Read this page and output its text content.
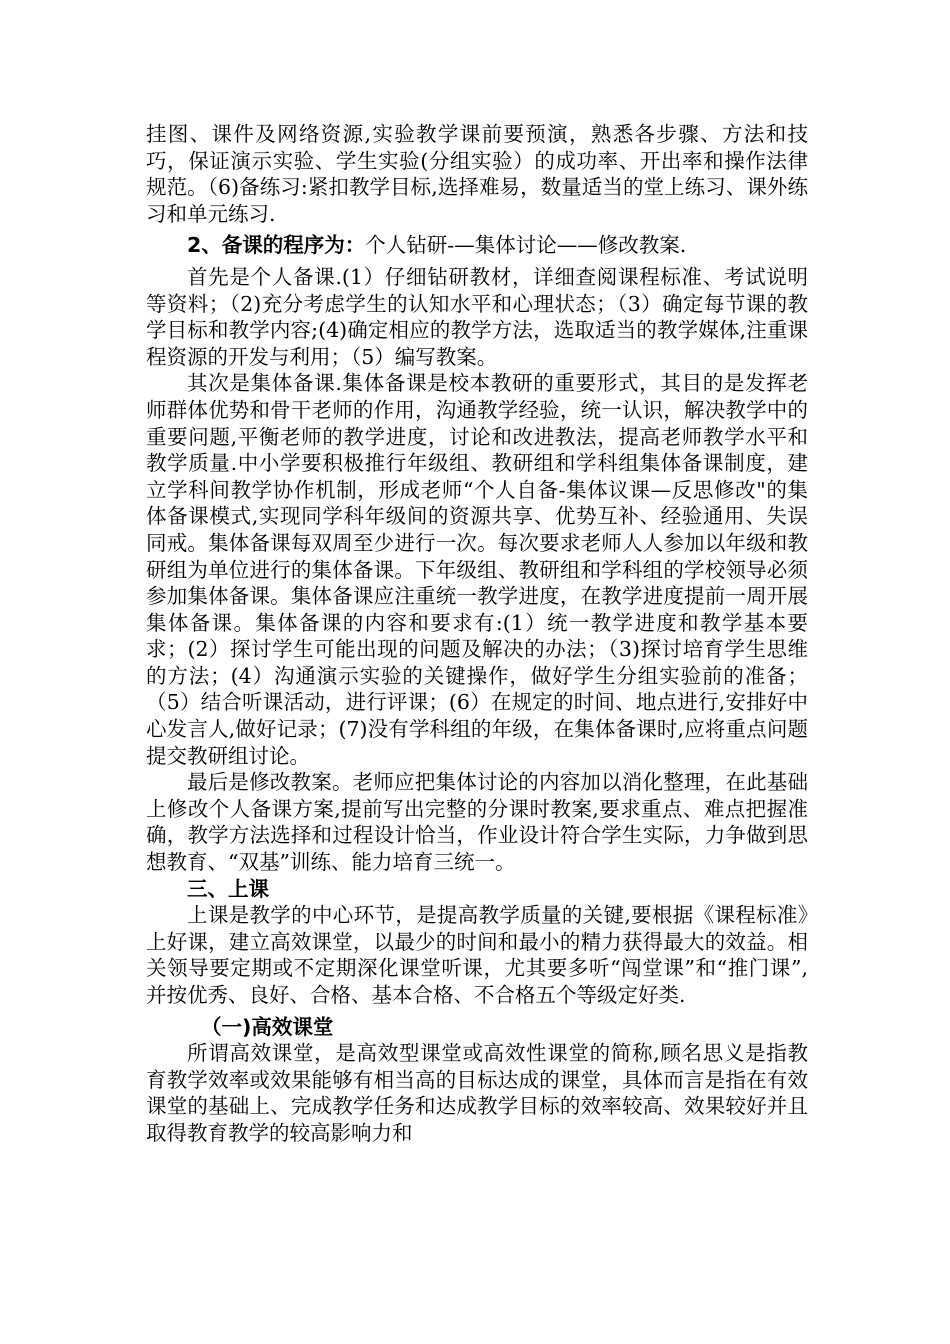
挂图、课件及网络资源,实验教学课前要预演，熟悉各步骤、方法和技巧，保证演示实验、学生实验(分组实验）的成功率、开出率和操作法律规范。（6)备练习:紧扣教学目标,选择难易，数量适当的堂上练习、课外练习和单元练习.

2、备课的程序为：个人钻研-—集体讨论——修改教案.

首先是个人备课.(1）仔细钻研教材，详细查阅课程标准、考试说明等资料；（2)充分考虑学生的认知水平和心理状态；（3）确定每节课的教学目标和教学内容;(4)确定相应的教学方法，选取适当的教学媒体,注重课程资源的开发与利用；（5）编写教案。

其次是集体备课.集体备课是校本教研的重要形式，其目的是发挥老师群体优势和骨干老师的作用，沟通教学经验，统一认识，解决教学中的重要问题,平衡老师的教学进度，讨论和改进教法，提高老师教学水平和教学质量.中小学要积极推行年级组、教研组和学科组集体备课制度，建立学科间教学协作机制，形成老师“个人自备-集体议课—反思修改"的集体备课模式,实现同学科年级间的资源共享、优势互补、经验通用、失误同戒。集体备课每双周至少进行一次。每次要求老师人人参加以年级和教研组为单位进行的集体备课。下年级组、教研组和学科组的学校领导必须参加集体备课。集体备课应注重统一教学进度，在教学进度提前一周开展集体备课。集体备课的内容和要求有:(1）统一教学进度和教学基本要求；(2）探讨学生可能出现的问题及解决的办法；（3)探讨培育学生思维的方法；(4）沟通演示实验的关键操作，做好学生分组实验前的准备；（5）结合听课活动，进行评课；(6）在规定的时间、地点进行,安排好中心发言人,做好记录；(7)没有学科组的年级，在集体备课时,应将重点问题提交教研组讨论。

最后是修改教案。老师应把集体讨论的内容加以消化整理，在此基础上修改个人备课方案,提前写出完整的分课时教案,要求重点、难点把握准确，教学方法选择和过程设计恰当，作业设计符合学生实际，力争做到思想教育、“双基”训练、能力培育三统一。

三、上课

上课是教学的中心环节，是提高教学质量的关键,要根据《课程标准》上好课，建立高效课堂，以最少的时间和最小的精力获得最大的效益。相关领导要定期或不定期深化课堂听课，尤其要多听“闯堂课”和“推门课”,并按优秀、良好、合格、基本合格、不合格五个等级定好类.

（一)高效课堂

所谓高效课堂，是高效型课堂或高效性课堂的简称,顾名思义是指教育教学效率或效果能够有相当高的目标达成的课堂，具体而言是指在有效课堂的基础上、完成教学任务和达成教学目标的效率较高、效果较好并且取得教育教学的较高影响力和
